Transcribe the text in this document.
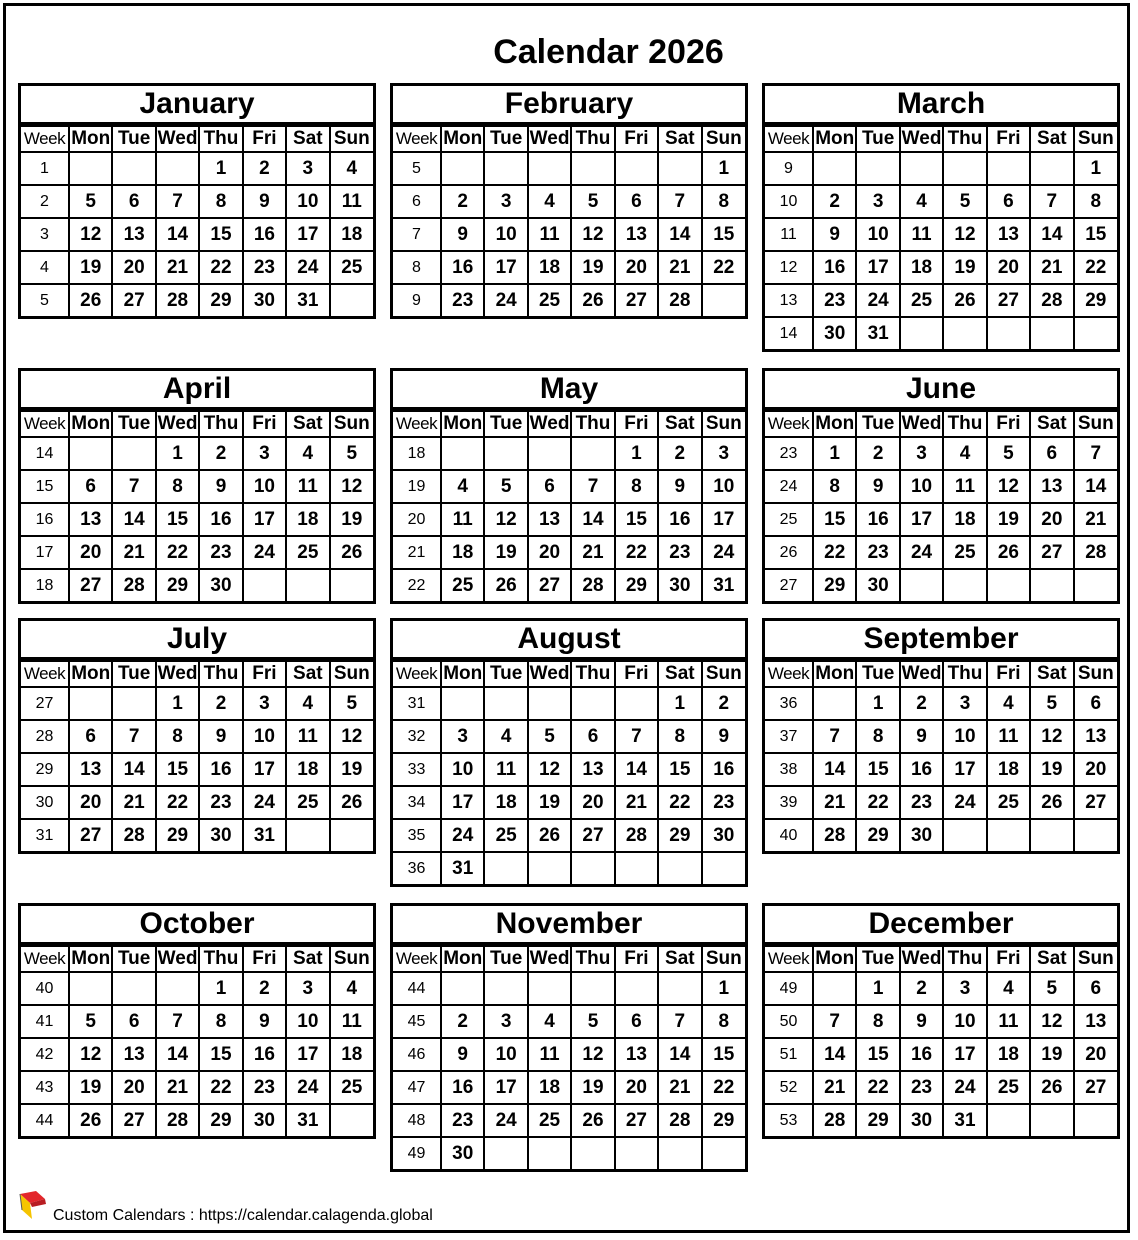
Calendar 2026
January
Week	Mon	Tue	Wed	Thu	Fri	Sat	Sun
1				1	2	3	4
2	5	6	7	8	9	10	11
3	12	13	14	15	16	17	18
4	19	20	21	22	23	24	25
5	26	27	28	29	30	31	
February
Week	Mon	Tue	Wed	Thu	Fri	Sat	Sun
5							1
6	2	3	4	5	6	7	8
7	9	10	11	12	13	14	15
8	16	17	18	19	20	21	22
9	23	24	25	26	27	28	
March
Week	Mon	Tue	Wed	Thu	Fri	Sat	Sun
9							1
10	2	3	4	5	6	7	8
11	9	10	11	12	13	14	15
12	16	17	18	19	20	21	22
13	23	24	25	26	27	28	29
14	30	31					
April
Week	Mon	Tue	Wed	Thu	Fri	Sat	Sun
14			1	2	3	4	5
15	6	7	8	9	10	11	12
16	13	14	15	16	17	18	19
17	20	21	22	23	24	25	26
18	27	28	29	30			
May
Week	Mon	Tue	Wed	Thu	Fri	Sat	Sun
18					1	2	3
19	4	5	6	7	8	9	10
20	11	12	13	14	15	16	17
21	18	19	20	21	22	23	24
22	25	26	27	28	29	30	31
June
Week	Mon	Tue	Wed	Thu	Fri	Sat	Sun
23	1	2	3	4	5	6	7
24	8	9	10	11	12	13	14
25	15	16	17	18	19	20	21
26	22	23	24	25	26	27	28
27	29	30					
July
Week	Mon	Tue	Wed	Thu	Fri	Sat	Sun
27			1	2	3	4	5
28	6	7	8	9	10	11	12
29	13	14	15	16	17	18	19
30	20	21	22	23	24	25	26
31	27	28	29	30	31		
August
Week	Mon	Tue	Wed	Thu	Fri	Sat	Sun
31						1	2
32	3	4	5	6	7	8	9
33	10	11	12	13	14	15	16
34	17	18	19	20	21	22	23
35	24	25	26	27	28	29	30
36	31						
September
Week	Mon	Tue	Wed	Thu	Fri	Sat	Sun
36		1	2	3	4	5	6
37	7	8	9	10	11	12	13
38	14	15	16	17	18	19	20
39	21	22	23	24	25	26	27
40	28	29	30				
October
Week	Mon	Tue	Wed	Thu	Fri	Sat	Sun
40				1	2	3	4
41	5	6	7	8	9	10	11
42	12	13	14	15	16	17	18
43	19	20	21	22	23	24	25
44	26	27	28	29	30	31	
November
Week	Mon	Tue	Wed	Thu	Fri	Sat	Sun
44							1
45	2	3	4	5	6	7	8
46	9	10	11	12	13	14	15
47	16	17	18	19	20	21	22
48	23	24	25	26	27	28	29
49	30						
December
Week	Mon	Tue	Wed	Thu	Fri	Sat	Sun
49		1	2	3	4	5	6
50	7	8	9	10	11	12	13
51	14	15	16	17	18	19	20
52	21	22	23	24	25	26	27
53	28	29	30	31			
Custom Calendars : https://calendar.calagenda.global
